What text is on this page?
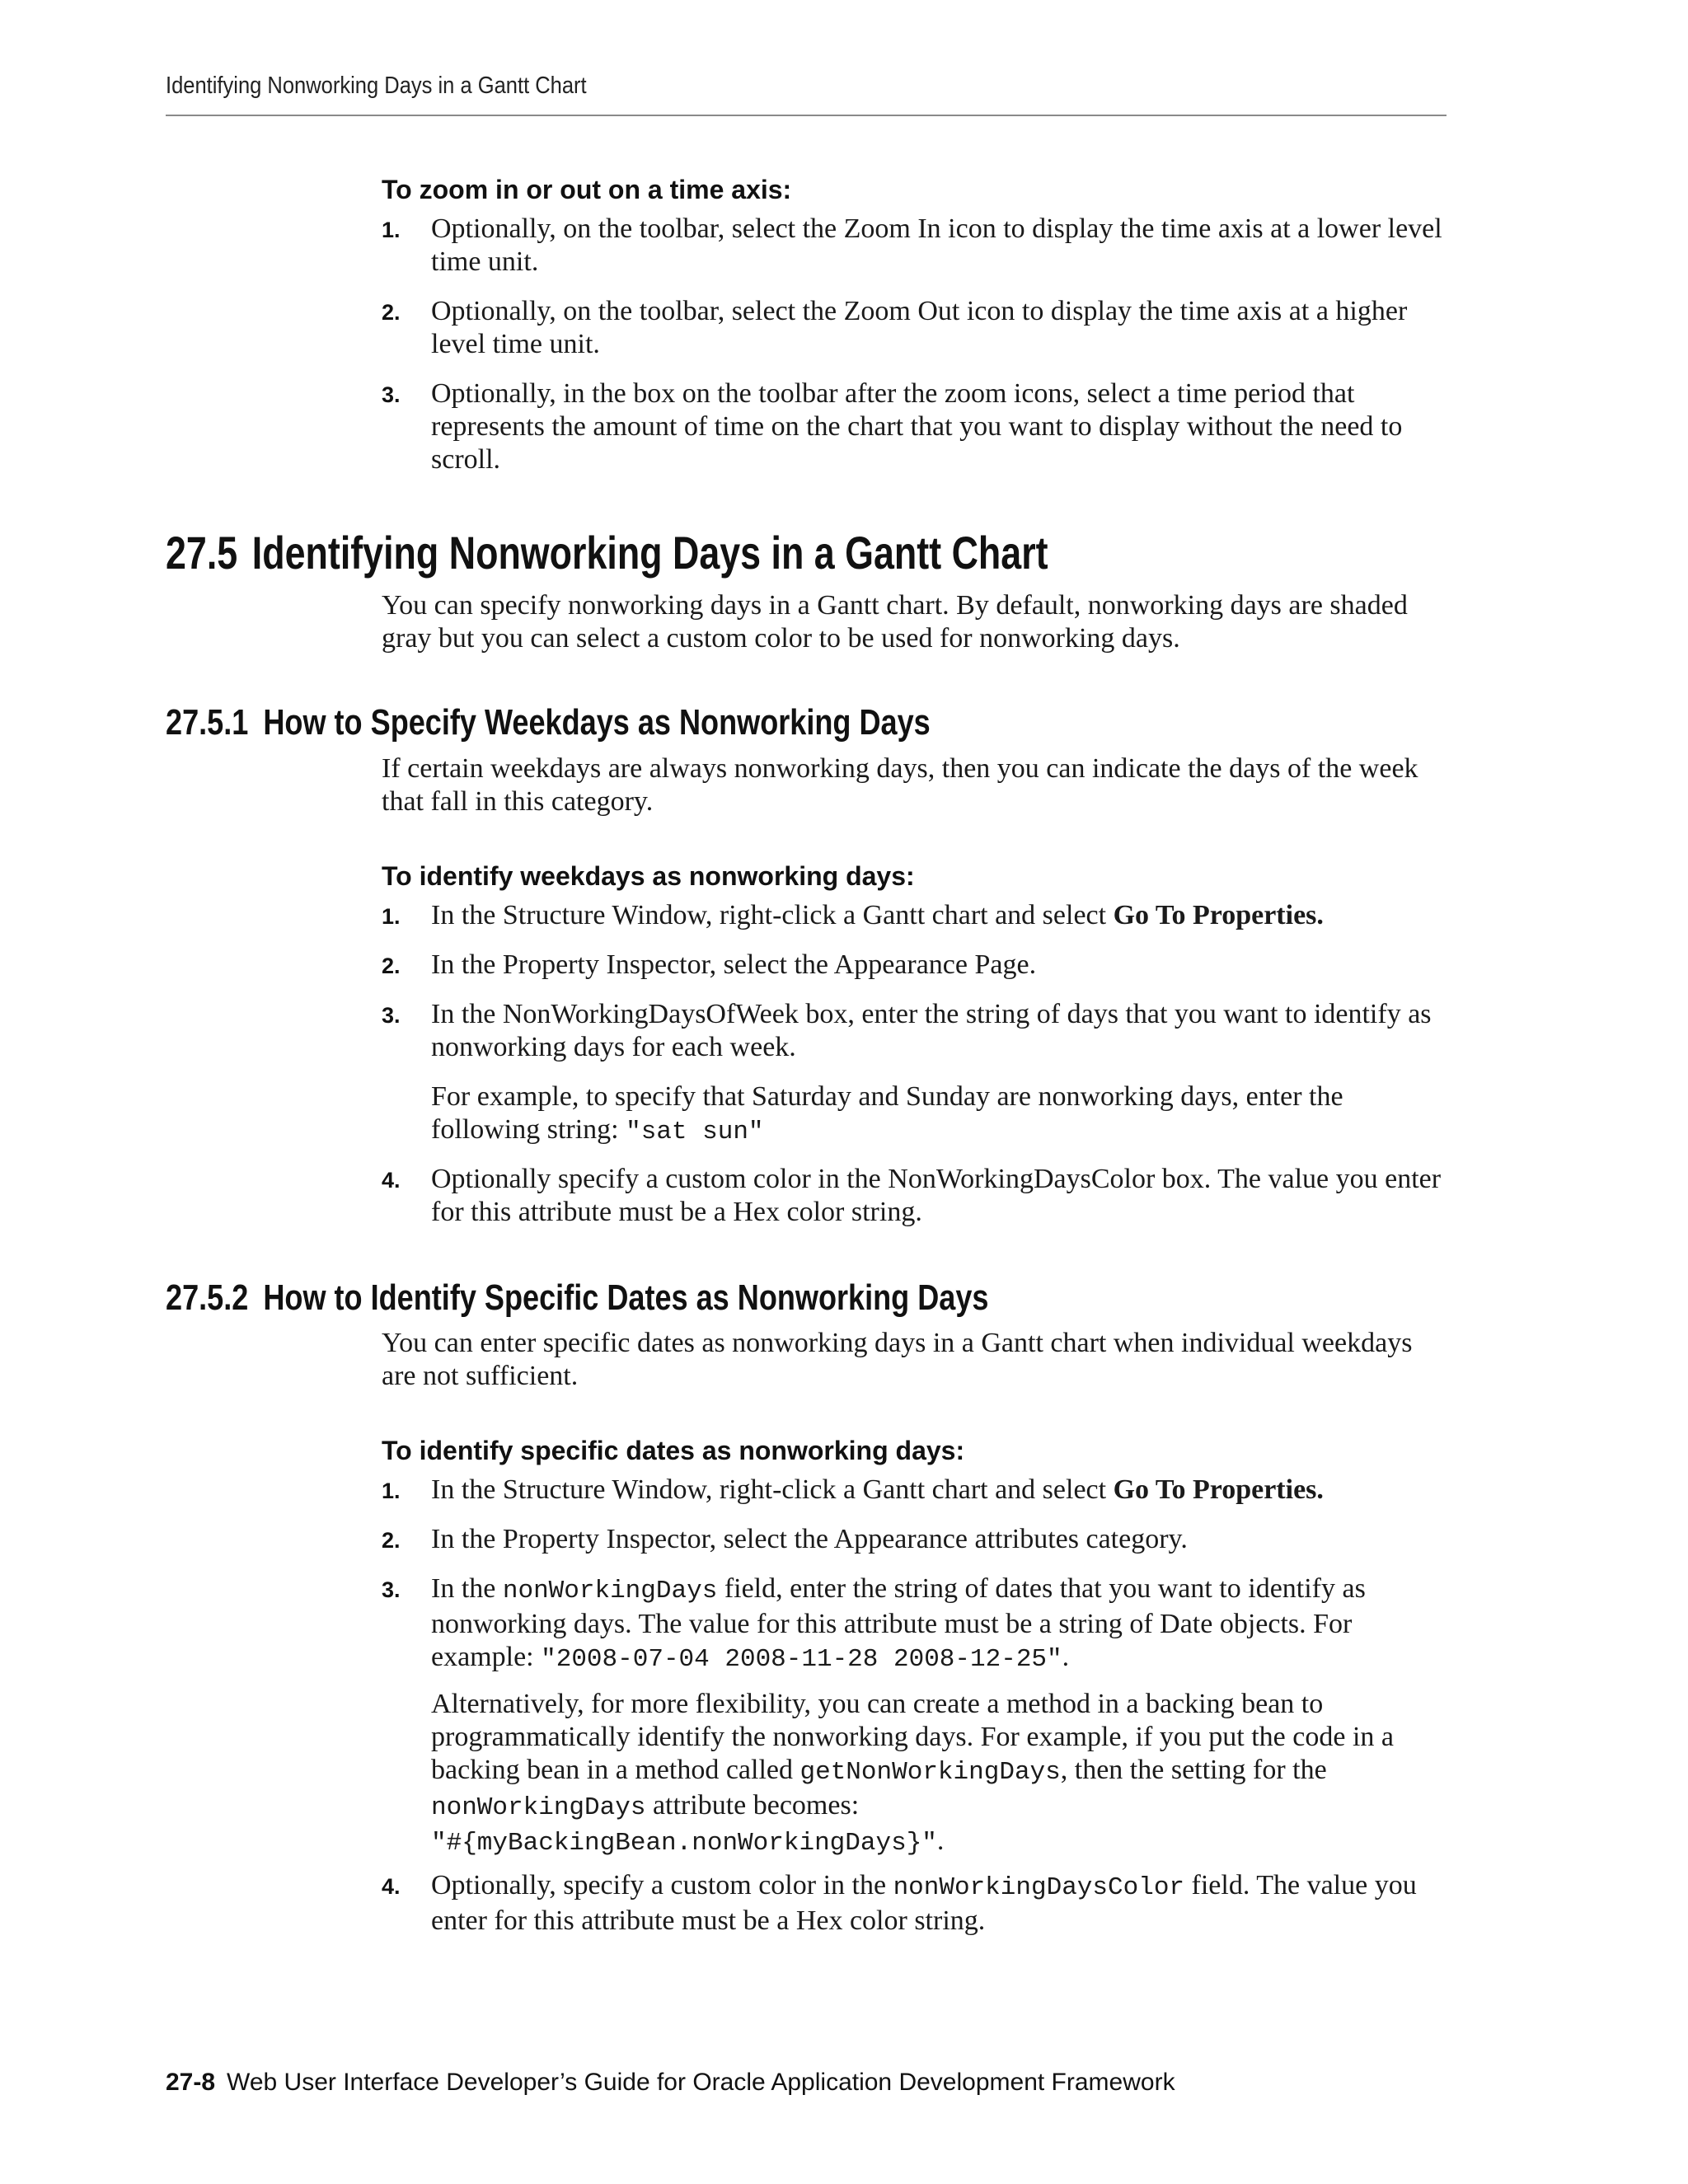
Identifying Nonworking Days in a Gantt Chart
To zoom in or out on a time axis:
1. Optionally, on the toolbar, select the Zoom In icon to display the time axis at a lower level time unit.
2. Optionally, on the toolbar, select the Zoom Out icon to display the time axis at a higher level time unit.
3. Optionally, in the box on the toolbar after the zoom icons, select a time period that represents the amount of time on the chart that you want to display without the need to scroll.
27.5 Identifying Nonworking Days in a Gantt Chart
You can specify nonworking days in a Gantt chart. By default, nonworking days are shaded gray but you can select a custom color to be used for nonworking days.
27.5.1 How to Specify Weekdays as Nonworking Days
If certain weekdays are always nonworking days, then you can indicate the days of the week that fall in this category.
To identify weekdays as nonworking days:
1. In the Structure Window, right-click a Gantt chart and select Go To Properties.
2. In the Property Inspector, select the Appearance Page.
3. In the NonWorkingDaysOfWeek box, enter the string of days that you want to identify as nonworking days for each week.
For example, to specify that Saturday and Sunday are nonworking days, enter the following string: "sat sun"
4. Optionally specify a custom color in the NonWorkingDaysColor box. The value you enter for this attribute must be a Hex color string.
27.5.2 How to Identify Specific Dates as Nonworking Days
You can enter specific dates as nonworking days in a Gantt chart when individual weekdays are not sufficient.
To identify specific dates as nonworking days:
1. In the Structure Window, right-click a Gantt chart and select Go To Properties.
2. In the Property Inspector, select the Appearance attributes category.
3. In the nonWorkingDays field, enter the string of dates that you want to identify as nonworking days. The value for this attribute must be a string of Date objects. For example: "2008-07-04 2008-11-28 2008-12-25".
Alternatively, for more flexibility, you can create a method in a backing bean to programmatically identify the nonworking days. For example, if you put the code in a backing bean in a method called getNonWorkingDays, then the setting for the nonWorkingDays attribute becomes:
"#{myBackingBean.nonWorkingDays}".
4. Optionally, specify a custom color in the nonWorkingDaysColor field. The value you enter for this attribute must be a Hex color string.
27-8 Web User Interface Developer’s Guide for Oracle Application Development Framework
